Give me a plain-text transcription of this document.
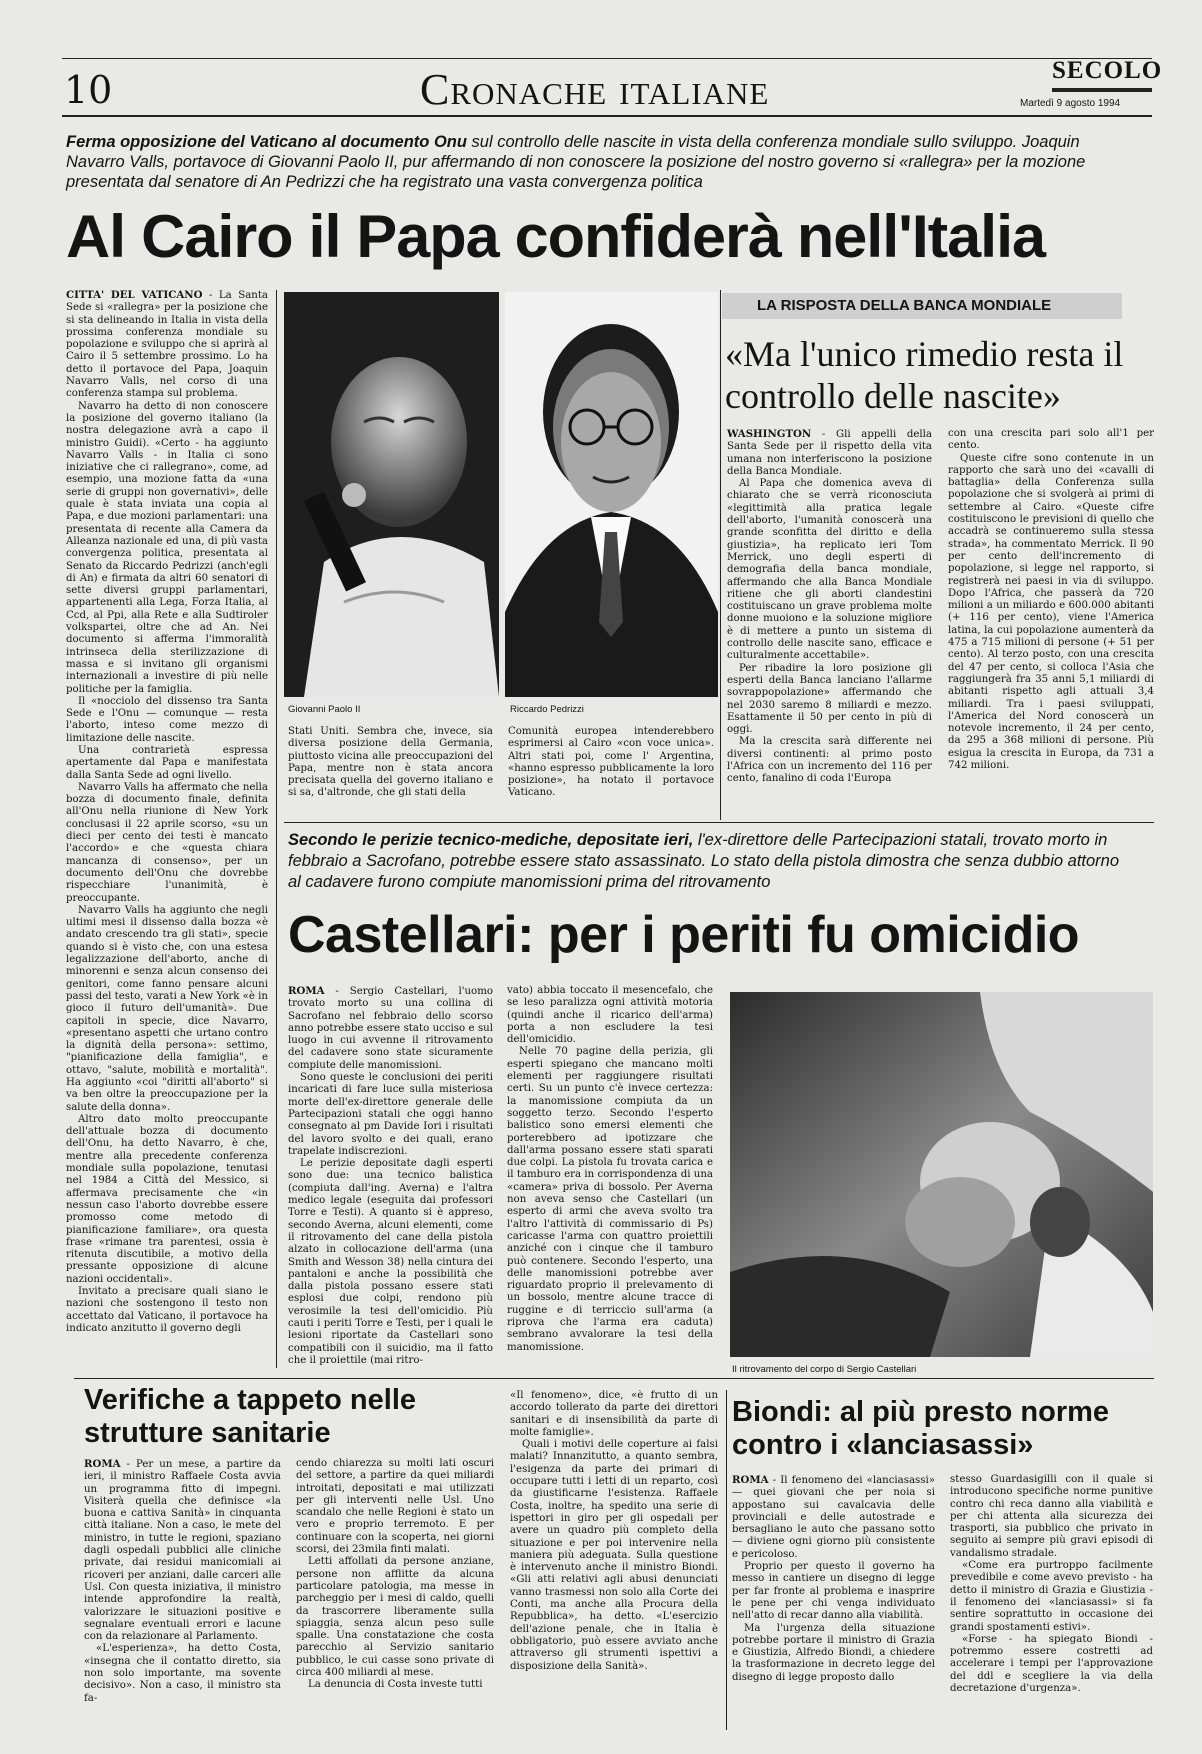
10	Cronache italiane	SECOLO
Martedì 9 agosto 1994
Ferma opposizione del Vaticano al documento Onu sul controllo delle nascite in vista della conferenza mondiale sullo sviluppo. Joaquin Navarro Valls, portavoce di Giovanni Paolo II, pur affermando di non conoscere la posizione del nostro governo si «rallegra» per la mozione presentata dal senatore di An Pedrizzi che ha registrato una vasta convergenza politica
Al Cairo il Papa confiderà nell'Italia

CITTA' DEL VATICANO - La Santa Sede si «rallegra» per la posizione che si sta delineando in Italia in vista della prossima conferenza mondiale su popolazione e sviluppo che si aprirà al Cairo il 5 settembre prossimo. Lo ha detto il portavoce del Papa, Joaquin Navarro Valls, nel corso di una conferenza stampa sul problema.

Navarro ha detto di non conoscere la posizione del governo italiano (la nostra delegazione avrà a capo il ministro Guidi). «Certo - ha aggiunto Navarro Valls - in Italia ci sono iniziative che ci rallegrano», come, ad esempio, una mozione fatta da «una serie di gruppi non governativi», delle quale è stata inviata una copia al Papa, e due mozioni parlamentari: una presentata di recente alla Camera da Alleanza nazionale ed una, di più vasta convergenza politica, presentata al Senato da Riccardo Pedrizzi (anch'egli di An) e firmata da altri 60 senatori di sette diversi gruppi parlamentari, appartenenti alla Lega, Forza Italia, al Ccd, al Ppi, alla Rete e alla Sudtiroler volkspartei, oltre che ad An. Nei documento si afferma l'immoralità intrinseca della sterilizzazione di massa e si invitano gli organismi internazionali a investire di più nelle politiche per la famiglia.

Il «nocciolo del dissenso tra Santa Sede e l'Onu — comunque — resta l'aborto, inteso come mezzo di limitazione delle nascite.

Una contrarietà espressa apertamente dal Papa e manifestata dalla Santa Sede ad ogni livello.

Navarro Valls ha affermato che nella bozza di documento finale, definita all'Onu nella riunione di New York conclusasi il 22 aprile scorso, «su un dieci per cento dei testi è mancato l'accordo» e che «questa chiara mancanza di consenso», per un documento dell'Onu che dovrebbe rispecchiare l'unanimità, è preoccupante.

Navarro Valls ha aggiunto che negli ultimi mesi il dissenso dalla bozza «è andato crescendo tra gli stati», specie quando si è visto che, con una estesa legalizzazione dell'aborto, anche di minorenni e senza alcun consenso dei genitori, come fanno pensare alcuni passi del testo, varati a New York «è in gioco il futuro dell'umanità». Due capitoli in specie, dice Navarro, «presentano aspetti che urtano contro la dignità della persona»: settimo, "pianificazione della famiglia", e ottavo, "salute, mobilità e mortalità". Ha aggiunto «coi "diritti all'aborto" si va ben oltre la preoccupazione per la salute della donna».

Altro dato molto preoccupante dell'attuale bozza di documento dell'Onu, ha detto Navarro, è che, mentre alla precedente conferenza mondiale sulla popolazione, tenutasi nel 1984 a Città del Messico, si affermava precisamente che «in nessun caso l'aborto dovrebbe essere promosso come metodo di pianificazione familiare», ora questa frase «rimane tra parentesi, ossia è ritenuta discutibile, a motivo della pressante opposizione di alcune nazioni occidentali».

Invitato a precisare quali siano le nazioni che sostengono il testo non accettato dal Vaticano, il portavoce ha indicato anzitutto il governo degli

Giovanni Paolo II	Riccardo Pedrizzi

Stati Uniti. Sembra che, invece, sia diversa posizione della Germania, piuttosto vicina alle preoccupazioni del Papa, mentre non è stata ancora precisata quella del governo italiano e si sa, d'altronde, che gli stati della

Comunità europea intenderebbero esprimersi al Cairo «con voce unica». Altri stati poi, come l' Argentina, «hanno espresso pubblicamente la loro posizione», ha notato il portavoce Vaticano.

LA RISPOSTA DELLA BANCA MONDIALE
«Ma l'unico rimedio resta il controllo delle nascite»

WASHINGTON - Gli appelli della Santa Sede per il rispetto della vita umana non interferiscono la posizione della Banca Mondiale.

Al Papa che domenica aveva di chiarato che se verrà riconosciuta «legittimità alla pratica legale dell'aborto, l'umanità conoscerà una grande sconfitta del diritto e della giustizia», ha replicato ieri Tom Merrick, uno degli esperti di demografia della banca mondiale, affermando che alla Banca Mondiale ritiene che gli aborti clandestini costituiscano un grave problema molte donne muoiono e la soluzione migliore è di mettere a punto un sistema di controllo delle nascite sano, efficace e culturalmente accettabile».

Per ribadire la loro posizione gli esperti della Banca lanciano l'allarme sovrappopolazione» affermando che nel 2030 saremo 8 miliardi e mezzo. Esattamente il 50 per cento in più di oggi.

Ma la crescita sarà differente nei diversi continenti: al primo posto l'Africa con un incremento del 116 per cento, fanalino di coda l'Europa

con una crescita pari solo all'1 per cento.

Queste cifre sono contenute in un rapporto che sarà uno dei «cavalli di battaglia» della Conferenza sulla popolazione che si svolgerà ai primi di settembre al Cairo. «Queste cifre costituiscono le previsioni di quello che accadrà se continueremo sulla stessa strada», ha commentato Merrick. Il 90 per cento dell'incremento di popolazione, si legge nel rapporto, si registrerà nei paesi in via di sviluppo. Dopo l'Africa, che passerà da 720 milioni a un miliardo e 600.000 abitanti (+ 116 per cento), viene l'America latina, la cui popolazione aumenterà da 475 a 715 milioni di persone (+ 51 per cento). Al terzo posto, con una crescita del 47 per cento, si colloca l'Asia che raggiungerà fra 35 anni 5,1 miliardi di abitanti rispetto agli attuali 3,4 miliardi. Tra i paesi sviluppati, l'America del Nord conoscerà un notevole incremento, il 24 per cento, da 295 a 368 milioni di persone. Più esigua la crescita in Europa, da 731 a 742 milioni.

Secondo le perizie tecnico-mediche, depositate ieri, l'ex-direttore delle Partecipazioni statali, trovato morto in febbraio a Sacrofano, potrebbe essere stato assassinato. Lo stato della pistola dimostra che senza dubbio attorno al cadavere furono compiute manomissioni prima del ritrovamento
Castellari: per i periti fu omicidio

ROMA - Sergio Castellari, l'uomo trovato morto su una collina di Sacrofano nel febbraio dello scorso anno potrebbe essere stato ucciso e sul luogo in cui avvenne il ritrovamento del cadavere sono state sicuramente compiute delle manomissioni.

Sono queste le conclusioni dei periti incaricati di fare luce sulla misteriosa morte dell'ex-direttore generale delle Partecipazioni statali che oggi hanno consegnato al pm Davide Iori i risultati del lavoro svolto e dei quali, erano trapelate indiscrezioni.

Le perizie depositate dagli esperti sono due: una tecnico balistica (compiuta dall'ing. Averna) e l'altra medico legale (eseguita dai professori Torre e Testi). A quanto si è appreso, secondo Averna, alcuni elementi, come il ritrovamento del cane della pistola alzato in collocazione dell'arma (una Smith and Wesson 38) nella cintura dei pantaloni e anche la possibilità che dalla pistola possano essere stati esplosi due colpi, rendono più verosimile la tesi dell'omicidio. Più cauti i periti Torre e Testi, per i quali le lesioni riportate da Castellari sono compatibili con il suicidio, ma il fatto che il proiettile (mai ritro-

vato) abbia toccato il mesencefalo, che se leso paralizza ogni attività motoria (quindi anche il ricarico dell'arma) porta a non escludere la tesi dell'omicidio.

Nelle 70 pagine della perizia, gli esperti spiegano che mancano molti elementi per raggiungere risultati certi. Su un punto c'è invece certezza: la manomissione compiuta da un soggetto terzo. Secondo l'esperto balistico sono emersi elementi che porterebbero ad ipotizzare che dall'arma possano essere stati sparati due colpi. La pistola fu trovata carica e il tamburo era in corrispondenza di una «camera» priva di bossolo. Per Averna non aveva senso che Castellari (un esperto di armi che aveva svolto tra l'altro l'attività di commissario di Ps) caricasse l'arma con quattro proiettili anziché con i cinque che il tamburo può contenere. Secondo l'esperto, una delle manomissioni potrebbe aver riguardato proprio il prelevamento di un bossolo, mentre alcune tracce di ruggine e di terriccio sull'arma (a riprova che l'arma era caduta) sembrano avvalorare la tesi della manomissione.

Il ritrovamento del corpo di Sergio Castellari
Verifiche a tappeto nelle strutture sanitarie

ROMA - Per un mese, a partire da ieri, il ministro Raffaele Costa avvia un programma fitto di impegni. Visiterà quella che definisce «la buona e cattiva Sanità» in cinquanta città italiane. Non a caso, le mete del ministro, in tutte le regioni, spaziano dagli ospedali pubblici alle cliniche private, dai residui manicomiali ai ricoveri per anziani, dalle carceri alle Usl. Con questa iniziativa, il ministro intende approfondire la realtà, valorizzare le situazioni positive e segnalare eventuali errori e lacune con da relazionare al Parlamento.

«L'esperienza», ha detto Costa, «insegna che il contatto diretto, sia non solo importante, ma sovente decisivo». Non a caso, il ministro sta fa-

cendo chiarezza su molti lati oscuri del settore, a partire da quei miliardi introitati, depositati e mai utilizzati per gli interventi nelle Usl. Uno scandalo che nelle Regioni è stato un vero e proprio terremoto. E per continuare con la scoperta, nei giorni scorsi, dei 23mila finti malati.

Letti affollati da persone anziane, persone non afflitte da alcuna particolare patologia, ma messe in parcheggio per i mesi di caldo, quelli da trascorrere liberamente sulla spiaggia, senza alcun peso sulle spalle. Una constatazione che costa parecchio al Servizio sanitario pubblico, le cui casse sono private di circa 400 miliardi al mese.

La denuncia di Costa investe tutti

«Il fenomeno», dice, «è frutto di un accordo tollerato da parte dei direttori sanitari e di insensibilità da parte di molte famiglie».

Quali i motivi delle coperture ai falsi malati? Innanzitutto, a quanto sembra, l'esigenza da parte dei primari di occupare tutti i letti di un reparto, così da giustificarne l'esistenza. Raffaele Costa, inoltre, ha spedito una serie di ispettori in giro per gli ospedali per avere un quadro più completo della situazione e per poi intervenire nella maniera più adeguata. Sulla questione è intervenuto anche il ministro Biondi. «Gli atti relativi agli abusi denunciati vanno trasmessi non solo alla Corte dei Conti, ma anche alla Procura della Repubblica», ha detto. «L'esercizio dell'azione penale, che in Italia è obbligatorio, può essere avviato anche attraverso gli strumenti ispettivi a disposizione della Sanità».

Biondi: al più presto norme contro i «lanciasassi»

ROMA - Il fenomeno dei «lanciasassi» — quei giovani che per noia si appostano sui cavalcavia delle provinciali e delle autostrade e bersagliano le auto che passano sotto — diviene ogni giorno più consistente e pericoloso.

Proprio per questo il governo ha messo in cantiere un disegno di legge per far fronte al problema e inasprire le pene per chi venga individuato nell'atto di recar danno alla viabilità.

Ma l'urgenza della situazione potrebbe portare il ministro di Grazia e Giustizia, Alfredo Biondi, a chiedere la trasformazione in decreto legge del disegno di legge proposto dallo

stesso Guardasigilli con il quale si introducono specifiche norme punitive contro chi reca danno alla viabilità e per chi attenta alla sicurezza dei trasporti, sia pubblico che privato in seguito ai sempre più gravi episodi di vandalismo stradale.

«Come era purtroppo facilmente prevedibile e come avevo previsto - ha detto il ministro di Grazia e Giustizia - il fenomeno dei «lanciasassi» si fa sentire soprattutto in occasione dei grandi spostamenti estivi».

«Forse - ha spiegato Biondi - potremmo essere costretti ad accelerare i tempi per l'approvazione del ddl e scegliere la via della decretazione d'urgenza».
